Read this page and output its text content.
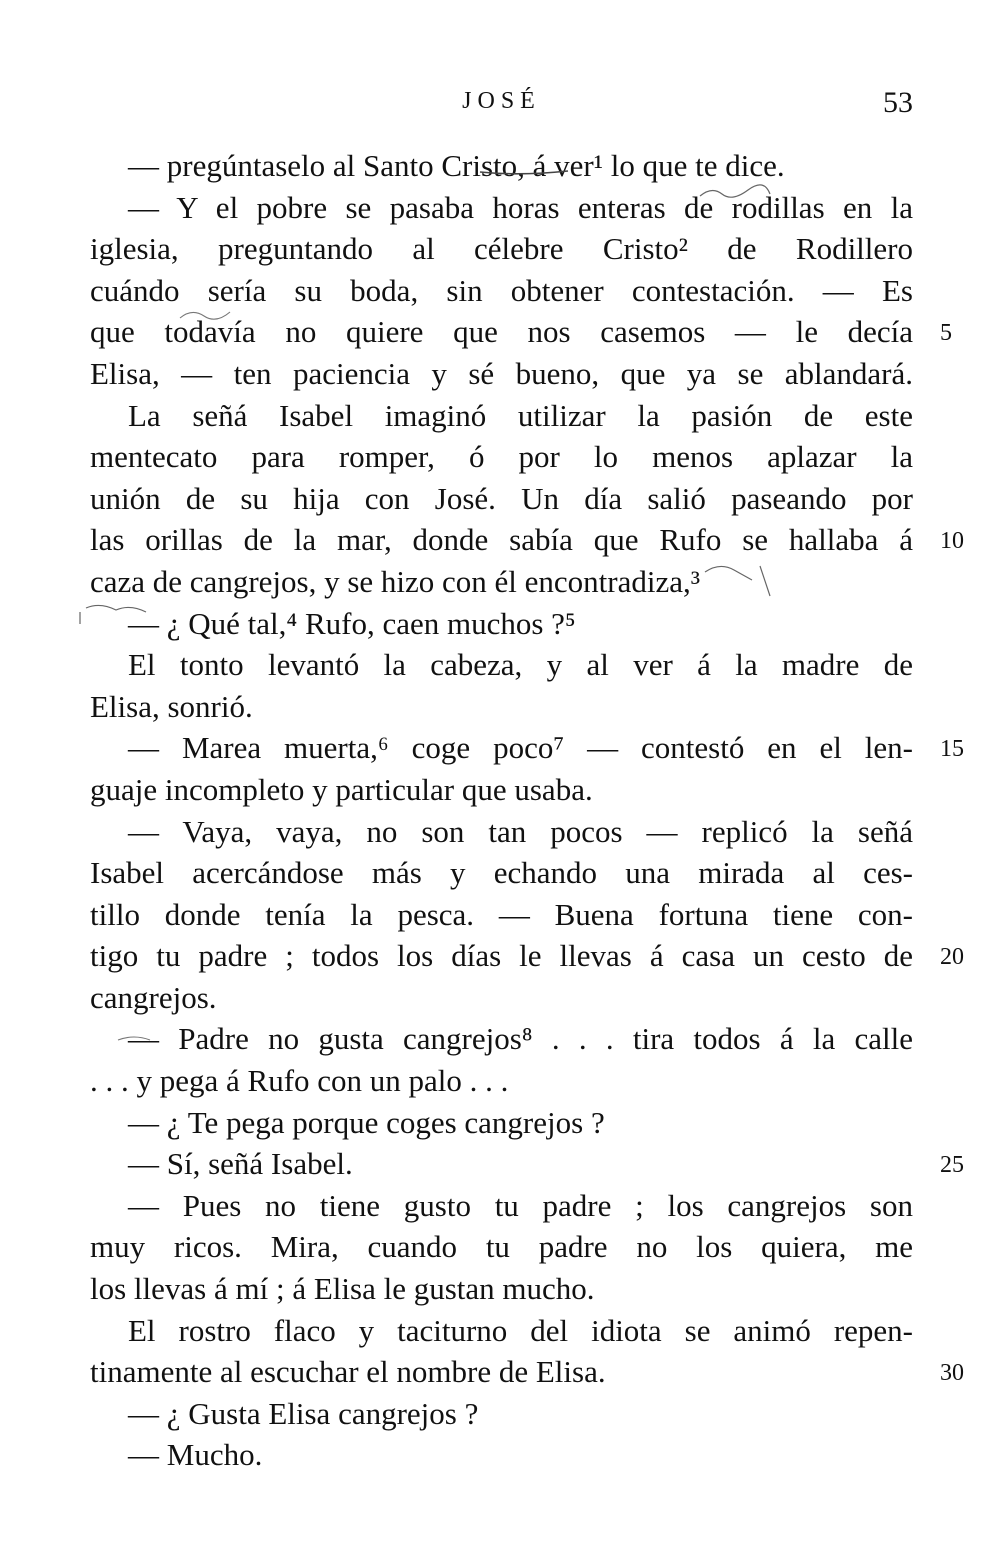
JOSÉ	53
— pregúntaselo al Santo Cristo, á ver¹ lo que te dice.
— Y el pobre se pasaba horas enteras de rodillas en la
iglesia, preguntando al célebre Cristo² de Rodillero
cuándo sería su boda, sin obtener contestación. — Es
que todavía no quiere que nos casemos — le decía 5
Elisa, — ten paciencia y sé bueno, que ya se ablandará.
La señá Isabel imaginó utilizar la pasión de este
mentecato para romper, ó por lo menos aplazar la
unión de su hija con José. Un día salió paseando por
las orillas de la mar, donde sabía que Rufo se hallaba á 10
caza de cangrejos, y se hizo con él encontradiza,³
— ¿ Qué tal,⁴ Rufo, caen muchos ?⁵
El tonto levantó la cabeza, y al ver á la madre de
Elisa, sonrió.
— Marea muerta,⁶ coge poco⁷ — contestó en el len- 15
guaje incompleto y particular que usaba.
— Vaya, vaya, no son tan pocos — replicó la señá
Isabel acercándose más y echando una mirada al ces-
tillo donde tenía la pesca. — Buena fortuna tiene con-
tigo tu padre ; todos los días le llevas á casa un cesto de 20
cangrejos.
— Padre no gusta cangrejos⁸ . . . tira todos á la calle
. . . y pega á Rufo con un palo . . .
— ¿ Te pega porque coges cangrejos ?
— Sí, señá Isabel.	25
— Pues no tiene gusto tu padre ; los cangrejos son
muy ricos. Mira, cuando tu padre no los quiera, me
los llevas á mí ; á Elisa le gustan mucho.
El rostro flaco y taciturno del idiota se animó repen-
tinamente al escuchar el nombre de Elisa.	30
— ¿ Gusta Elisa cangrejos ?
— Mucho.
